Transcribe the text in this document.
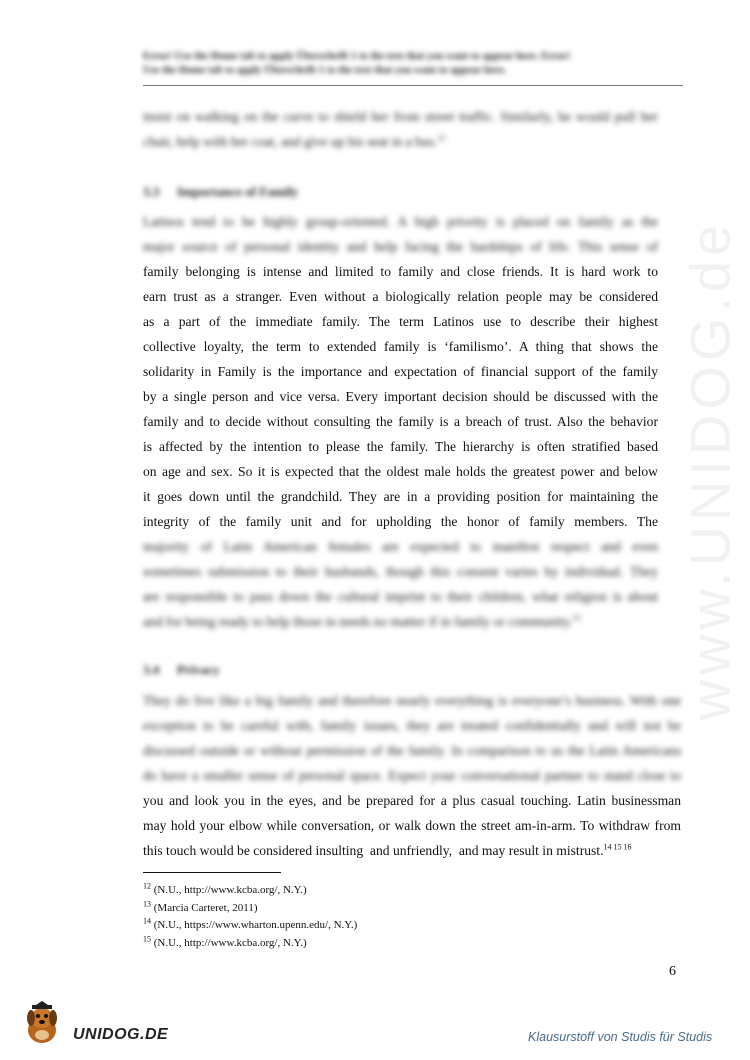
www.UNIDOG.de
Error! Use the Home tab to apply Überschrift 1 to the text that you want to appear here. Error!
Use the Home tab to apply Überschrift 1 to the text that you want to appear here.
insist on walking on the curve to shield her from street traffic. Similarly, he would pull her
chair, help with her coat, and give up his seat in a bus.$^{12}$
3.3 Importance of Family
Latinos tend to be highly group-oriented. A high priority is placed on family as the
major source of personal identity and help facing the hardships of life. This sense of
family belonging is intense and limited to family and close friends. It is hard work to
earn trust as a stranger. Even without a biologically relation people may be considered
as a part of the immediate family. The term Latinos use to describe their highest
collective loyalty, the term to extended family is ‘familismo’. A thing that shows the
solidarity in Family is the importance and expectation of financial support of the family
by a single person and vice versa. Every important decision should be discussed with the
family and to decide without consulting the family is a breach of trust. Also the behavior
is affected by the intention to please the family. The hierarchy is often stratified based
on age and sex. So it is expected that the oldest male holds the greatest power and below
it goes down until the grandchild. They are in a providing position for maintaining the
integrity of the family unit and for upholding the honor of family members. The
majority of Latin American females are expected to manifest respect and even
sometimes submission to their husbands, though this consent varies by individual. They
are responsible to pass down the cultural imprint to their children, what religion is about
and for being ready to help those in needs no matter if in family or community.$^{13}$
3.4 Privacy
They do live like a big family and therefore nearly everything is everyone’s business. With one
exception to be careful with, family issues, they are treated confidentially and will not be
discussed outside or without permission of the family. In comparison to us the Latin Americans
do have a smaller sense of personal space. Expect your conversational partner to stand close to
you and look you in the eyes, and be prepared for a plus casual touching. Latin businessman
may hold your elbow while conversation, or walk down the street am-in-arm. To withdraw from
this touch would be considered insulting  and unfriendly,  and may result in mistrust.$^{14}$ $^{15}$ $^{16}$
$^{12}$ (N.U., http://www.kcba.org/, N.Y.)
$^{13}$ (Marcia Carteret, 2011)
$^{14}$ (N.U., https://www.wharton.upenn.edu/, N.Y.)
$^{15}$ (N.U., http://www.kcba.org/, N.Y.)
6
UNIDOG.DE	Klausurstoff von Studis für Studis
